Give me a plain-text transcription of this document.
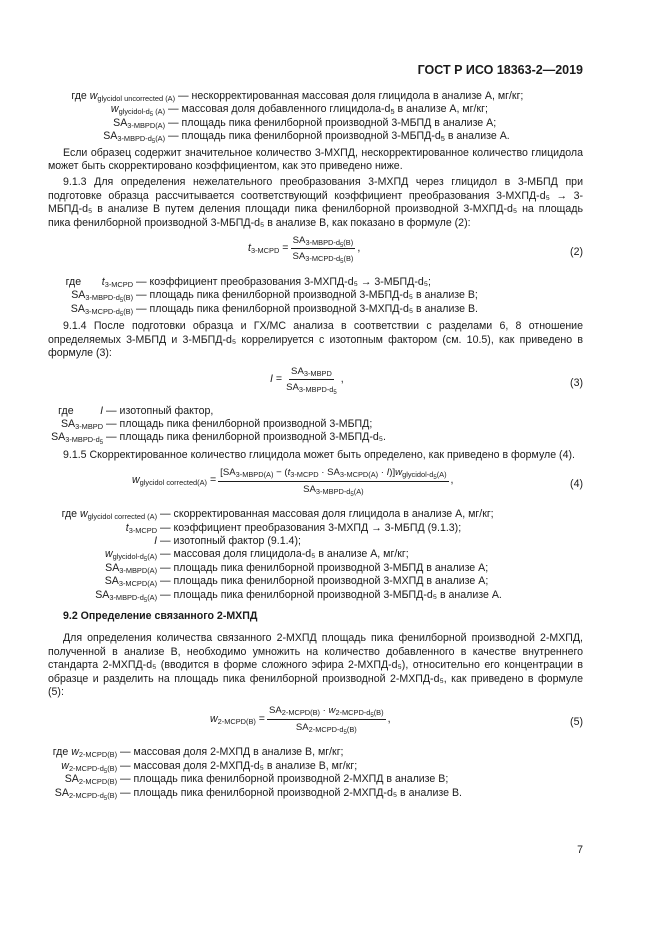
ГОСТ Р ИСО 18363-2—2019
где $w_{glycidol uncorrected (A)}$ — нескорректированная массовая доля глицидола в анализе А, мг/кг;
$w_{glycidol-d_5 (A)}$ — массовая доля добавленного глицидола-$d_5$ в анализе А, мг/кг;
$SA_{3-MBPD(A)}$ — площадь пика фенилборной производной 3-МБПД в анализе А;
$SA_{3-MBPD-d_5(A)}$ — площадь пика фенилборной производной $3-МБПД-d_5$ в анализе А.

Если образец содержит значительное количество 3-МХПД, нескорректированное количество глицидола может быть скорректировано коэффициентом, как это приведено ниже.

9.1.3 Для определения нежелательного преобразования 3-МХПД через глицидол в 3-МБПД при подготовке образца рассчитывается соответствующий коэффициент преобразования 3-МХПД-d₅ → 3-МБПД-d₅ в анализе В путем деления площади пика фенилборной производной 3-МХПД-d₅ на площадь пика фенилборной производной 3-МБПД-d₅ в анализе В, как показано в формуле (2):

$t_{3-MCPD} = \frac{SA_{3-MBPD-d_5(B)}}{SA_{3-MCPD-d_5(B)}}$ ,	(2)
где       $t_{3-MCPD}$ — коэффициент преобразования 3-МХПД-d₅ → 3-МБПД-d₅;
$SA_{3-MBPD-d_5(B)}$ — площадь пика фенилборной производной 3-МБПД-d₅ в анализе В;
$SA_{3-MCPD-d_5(B)}$ — площадь пика фенилборной производной 3-МХПД-d₅ в анализе В.

9.1.4 После подготовки образца и ГХ/МС анализа в соответствии с разделами 6, 8 отношение определяемых 3-МБПД и 3-МБПД-d₅ коррелируется с изотопным фактором (см. 10.5), как приведено в формуле (3):

$I = \frac{SA_{3-MBPD}}{SA_{3-MBPD-d_5}}$ ,	(3)
где         I — изотопный фактор,
$SA_{3-MBPD}$ — площадь пика фенилборной производной 3-МБПД;
$SA_{3-MBPD-d_5}$ — площадь пика фенилборной производной 3-МБПД-d₅.

9.1.5 Скорректированное количество глицидола может быть определено, как приведено в формуле (4).

$w_{glycidol corrected(A)} = \frac{[SA_{3-MBPD(A)} - (t_{3-MCPD} \cdot SA_{3-MCPD(A)} \cdot I)]w_{glycidol-d_5(A)}}{SA_{3-MBPD-d_5(A)}}$ ,	(4)
где $w_{glycidol corrected (A)}$ — скорректированная массовая доля глицидола в анализе А, мг/кг;
$t_{3-MCPD}$ — коэффициент преобразования 3-МХПД → 3-МБПД (9.1.3);
I — изотопный фактор (9.1.4);
$w_{glycidol-d_5(A)}$ — массовая доля глицидола-d₅ в анализе А, мг/кг;
$SA_{3-MBPD(A)}$ — площадь пика фенилборной производной 3-МБПД в анализе А;
$SA_{3-MCPD(A)}$ — площадь пика фенилборной производной 3-МХПД в анализе А;
$SA_{3-MBPD-d_5(A)}$ — площадь пика фенилборной производной 3-МБПД-d₅ в анализе А.
9.2 Определение связанного 2-МХПД

Для определения количества связанного 2-МХПД площадь пика фенилборной производной 2-МХПД, полученной в анализе В, необходимо умножить на количество добавленного в качестве внутреннего стандарта 2-МХПД-d₅ (вводится в форме сложного эфира 2-МХПД-d₅), относительно его концентрации в образце и разделить на площадь пика фенилборной производной 2-МХПД-d₅, как приведено в формуле (5):

$w_{2-MCPD(B)} = \frac{SA_{2-MCPD(B)} \cdot w_{2-MCPD-d_5(B)}}{SA_{2-MCPD-d_5(B)}}$ ,	(5)
где $w_{2-MCPD(B)}$ — массовая доля 2-МХПД в анализе В, мг/кг;
$w_{2-MCPD-d_5(B)}$ — массовая доля 2-МХПД-d₅ в анализе В, мг/кг;
$SA_{2-MCPD(B)}$ — площадь пика фенилборной производной 2-МХПД в анализе В;
$SA_{2-MCPD-d_5(B)}$ — площадь пика фенилборной производной 2-МХПД-d₅ в анализе В.
7
